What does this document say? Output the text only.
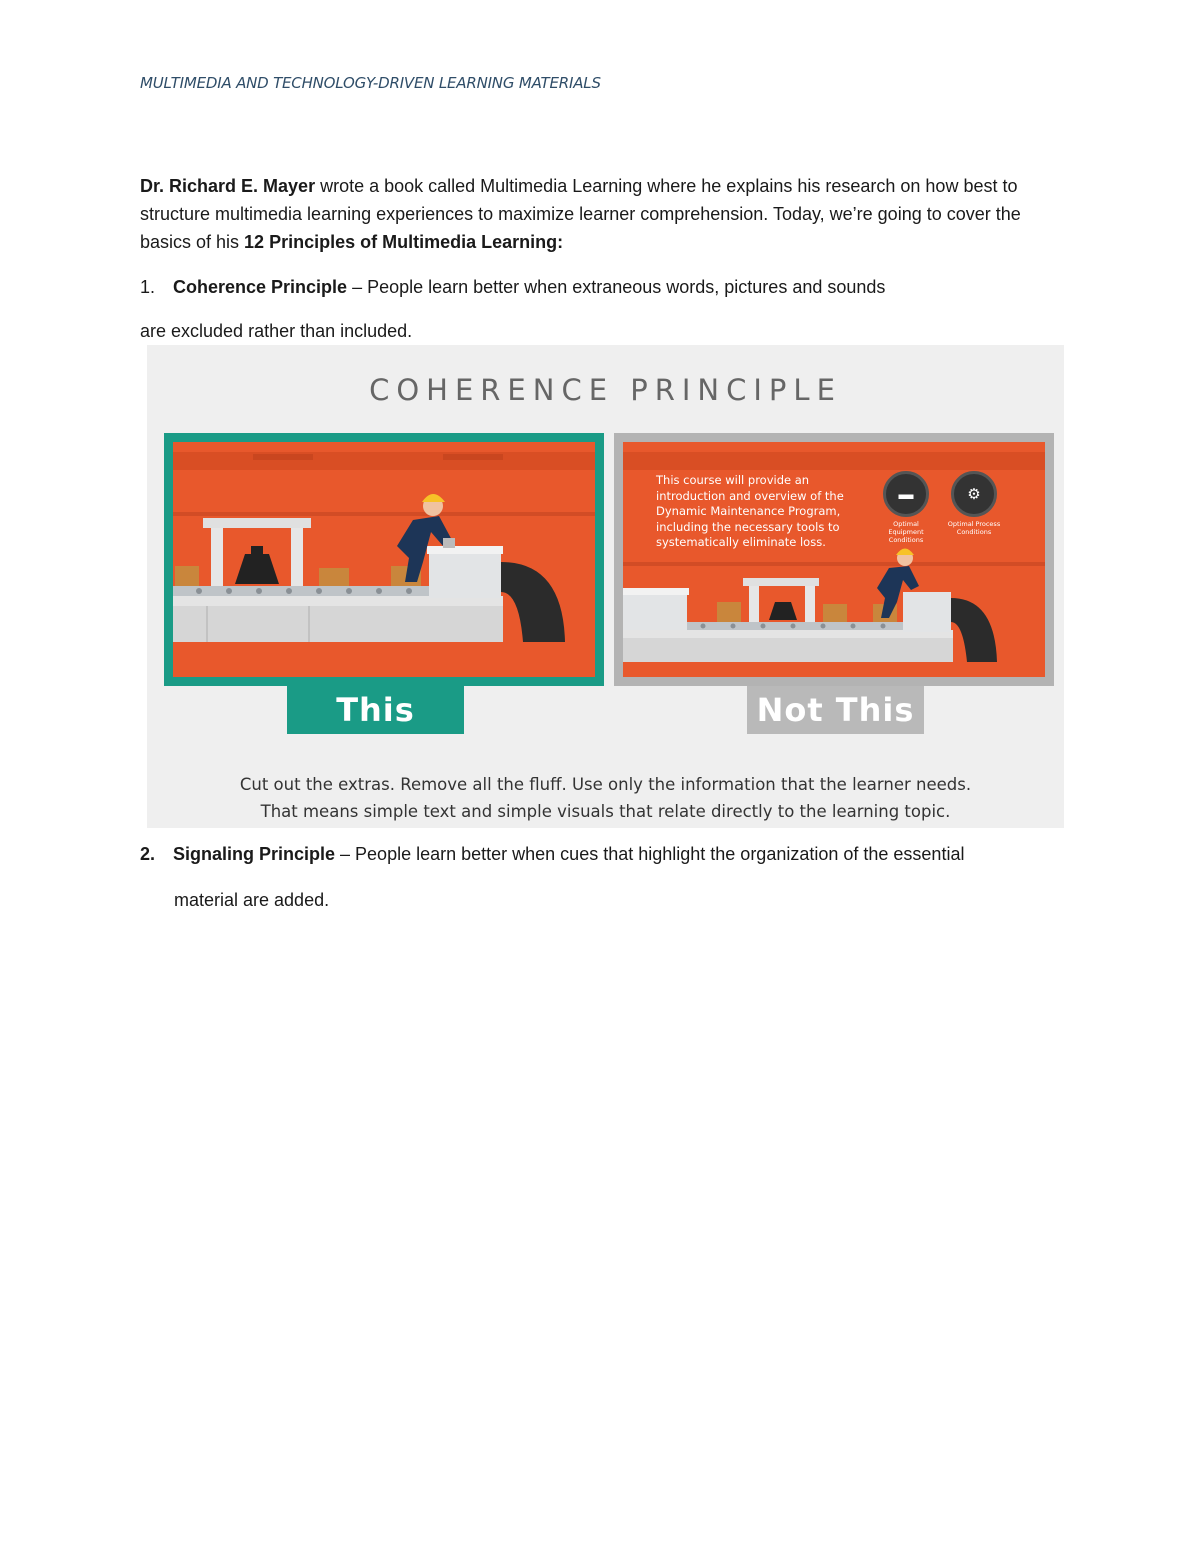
MULTIMEDIA AND TECHNOLOGY-DRIVEN LEARNING MATERIALS
Dr. Richard E. Mayer wrote a book called Multimedia Learning where he explains his research on how best to structure multimedia learning experiences to maximize learner comprehension. Today, we’re going to cover the basics of his 12 Principles of Multimedia Learning:
1. Coherence Principle – People learn better when extraneous words, pictures and sounds
are excluded rather than included.
COHERENCE PRINCIPLE
This course will provide an introduction and overview of the Dynamic Maintenance Program, including the necessary tools to systematically eliminate loss.
▬
Optimal Equipment Conditions
⚙
Optimal Process Conditions
This	Not This
Cut out the extras. Remove all the fluff. Use only the information that the learner needs.
That means simple text and simple visuals that relate directly to the learning topic.
2. Signaling Principle – People learn better when cues that highlight the organization of the essential
material are added.
